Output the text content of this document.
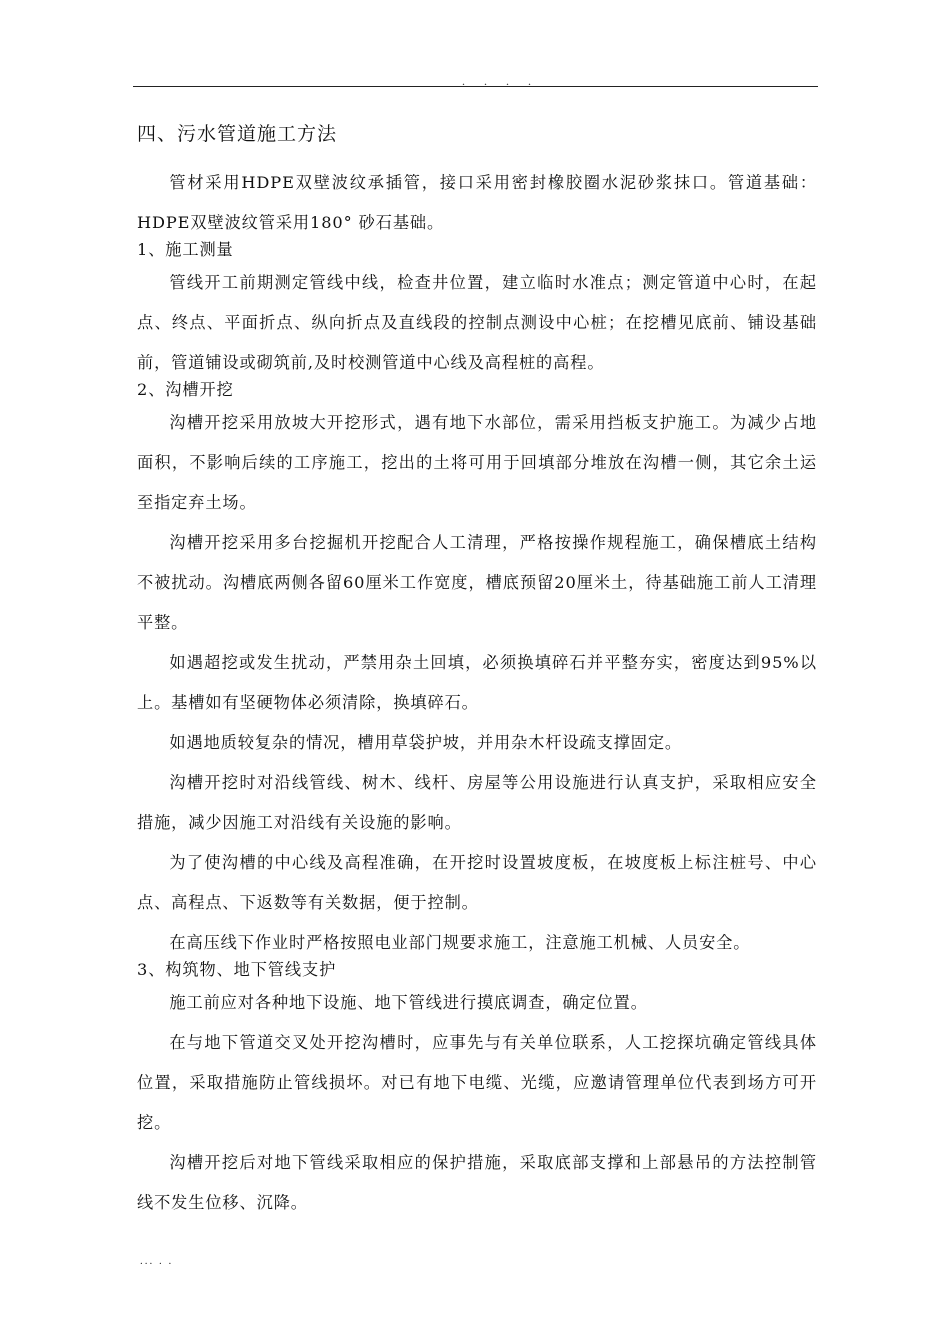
. . . .
四、污水管道施工方法

管材采用HDPE双壁波纹承插管，接口采用密封橡胶圈水泥砂浆抹口。管道基础：HDPE双壁波纹管采用180° 砂石基础。

1、施工测量

管线开工前期测定管线中线，检查井位置，建立临时水准点；测定管道中心时，在起点、终点、平面折点、纵向折点及直线段的控制点测设中心桩；在挖槽见底前、铺设基础前，管道铺设或砌筑前,及时校测管道中心线及高程桩的高程。

2、沟槽开挖

沟槽开挖采用放坡大开挖形式，遇有地下水部位，需采用挡板支护施工。为减少占地面积，不影响后续的工序施工，挖出的土将可用于回填部分堆放在沟槽一侧，其它余土运至指定弃土场。

沟槽开挖采用多台挖掘机开挖配合人工清理，严格按操作规程施工，确保槽底土结构不被扰动。沟槽底两侧各留60厘米工作宽度，槽底预留20厘米土，待基础施工前人工清理平整。

如遇超挖或发生扰动，严禁用杂土回填，必须换填碎石并平整夯实，密度达到95%以上。基槽如有坚硬物体必须清除，换填碎石。

如遇地质较复杂的情况，槽用草袋护坡，并用杂木杆设疏支撑固定。

沟槽开挖时对沿线管线、树木、线杆、房屋等公用设施进行认真支护，采取相应安全措施，减少因施工对沿线有关设施的影响。

为了使沟槽的中心线及高程准确，在开挖时设置坡度板，在坡度板上标注桩号、中心点、高程点、下返数等有关数据，便于控制。

在高压线下作业时严格按照电业部门规要求施工，注意施工机械、人员安全。

3、构筑物、地下管线支护

施工前应对各种地下设施、地下管线进行摸底调查，确定位置。

在与地下管道交叉处开挖沟槽时，应事先与有关单位联系，人工挖探坑确定管线具体位置，采取措施防止管线损坏。对已有地下电缆、光缆，应邀请管理单位代表到场方可开挖。

沟槽开挖后对地下管线采取相应的保护措施，采取底部支撑和上部悬吊的方法控制管线不发生位移、沉降。

... . .
